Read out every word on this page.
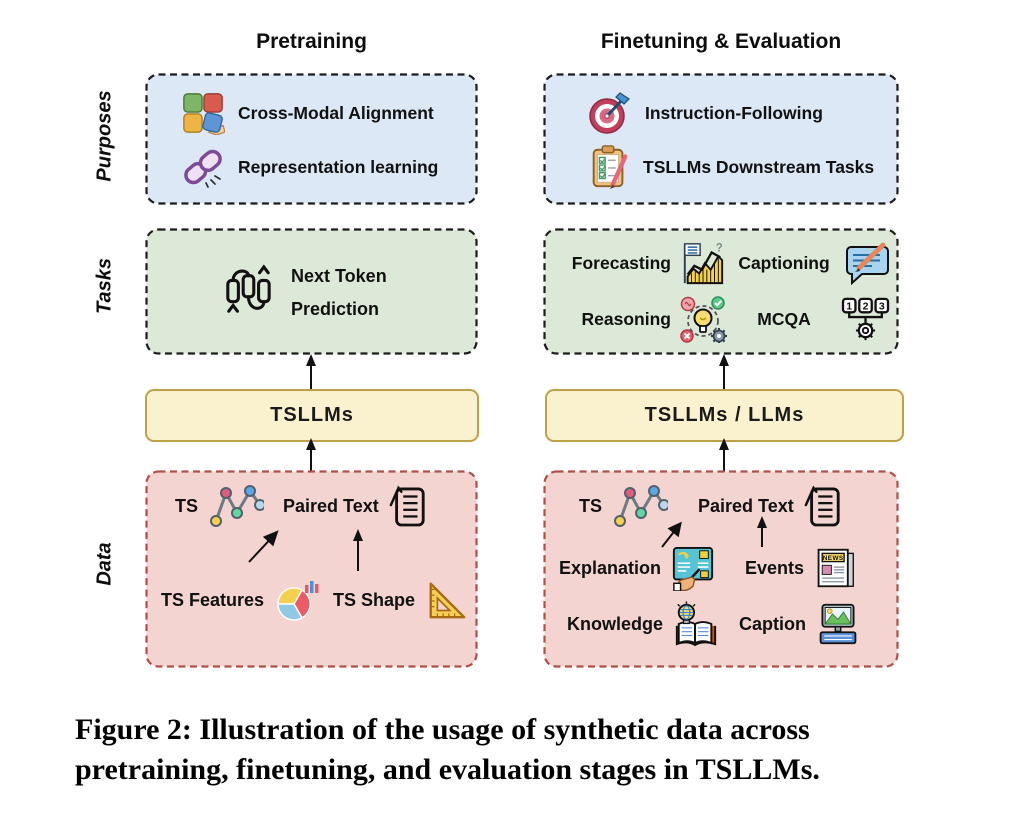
Pretraining	Finetuning & Evaluation
Purposes
Tasks
Data
Cross-Modal Alignment
Representation learning
Instruction-Following
TSLLMs Downstream Tasks
Next Token
Prediction
Forecasting
?
Captioning
Reasoning	MCQA
1 2 3
TSLLMs	TSLLMs / LLMs
TS	Paired Text
TS Features	TS Shape
TS	Paired Text
Explanation	Events	NEWS
Knowledge	Caption
Figure 2: Illustration of the usage of synthetic data across
pretraining, finetuning, and evaluation stages in TSLLMs.
